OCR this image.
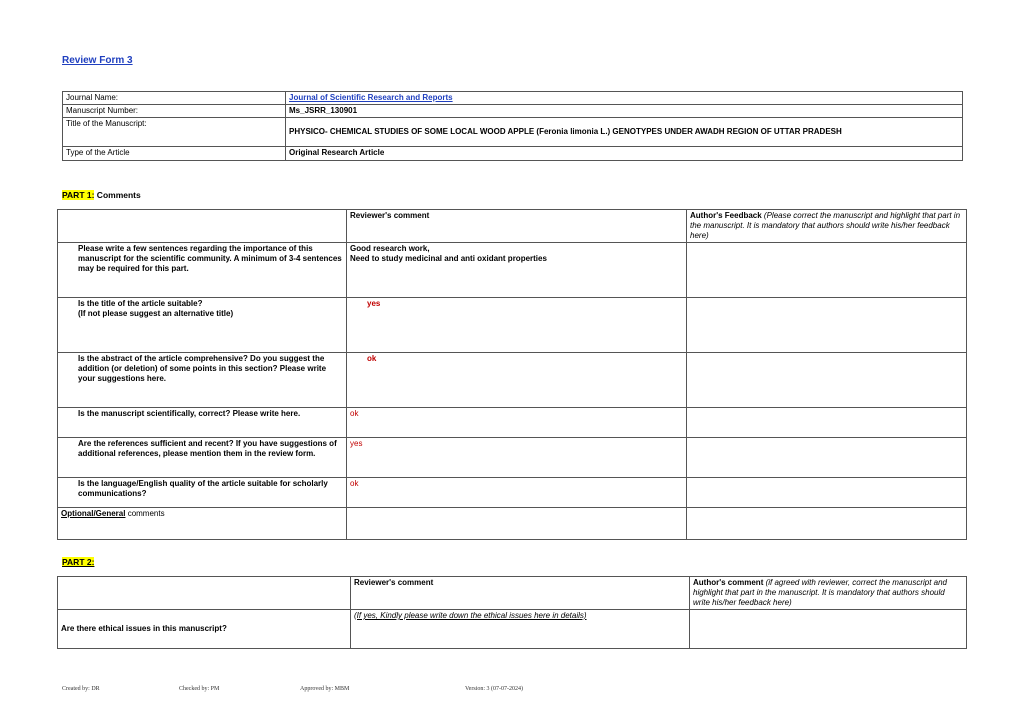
Review Form 3
Journal Name:	Journal of Scientific Research and Reports
Manuscript Number:	Ms_JSRR_130901
Title of the Manuscript:	PHYSICO- CHEMICAL STUDIES OF SOME LOCAL WOOD APPLE (Feronia limonia L.) GENOTYPES UNDER AWADH REGION OF UTTAR PRADESH
Type of the Article	Original Research Article
PART 1: Comments
	Reviewer's comment	Author's Feedback (Please correct the manuscript and highlight that part in the manuscript. It is mandatory that authors should write his/her feedback here)

Please write a few sentences regarding the importance of this manuscript for the scientific community. A minimum of 3-4 sentences may be required for this part.	Good research work,
Need to study medicinal and anti oxidant properties	

Is the title of the article suitable?
(If not please suggest an alternative title)	yes	

Is the abstract of the article comprehensive? Do you suggest the addition (or deletion) of some points in this section? Please write your suggestions here.	ok	

Is the manuscript scientifically, correct? Please write here.	ok	

Are the references sufficient and recent? If you have suggestions of additional references, please mention them in the review form.	yes	

Is the language/English quality of the article suitable for scholarly communications?	ok	
Optional/General comments		
PART 2:
	Reviewer's comment	Author's comment (if agreed with reviewer, correct the manuscript and highlight that part in the manuscript. It is mandatory that authors should write his/her feedback here)
Are there ethical issues in this manuscript?	(If yes, Kindly please write down the ethical issues here in details)	
Created by: DR	Checked by: PM	Approved by: MBM	Version: 3 (07-07-2024)
